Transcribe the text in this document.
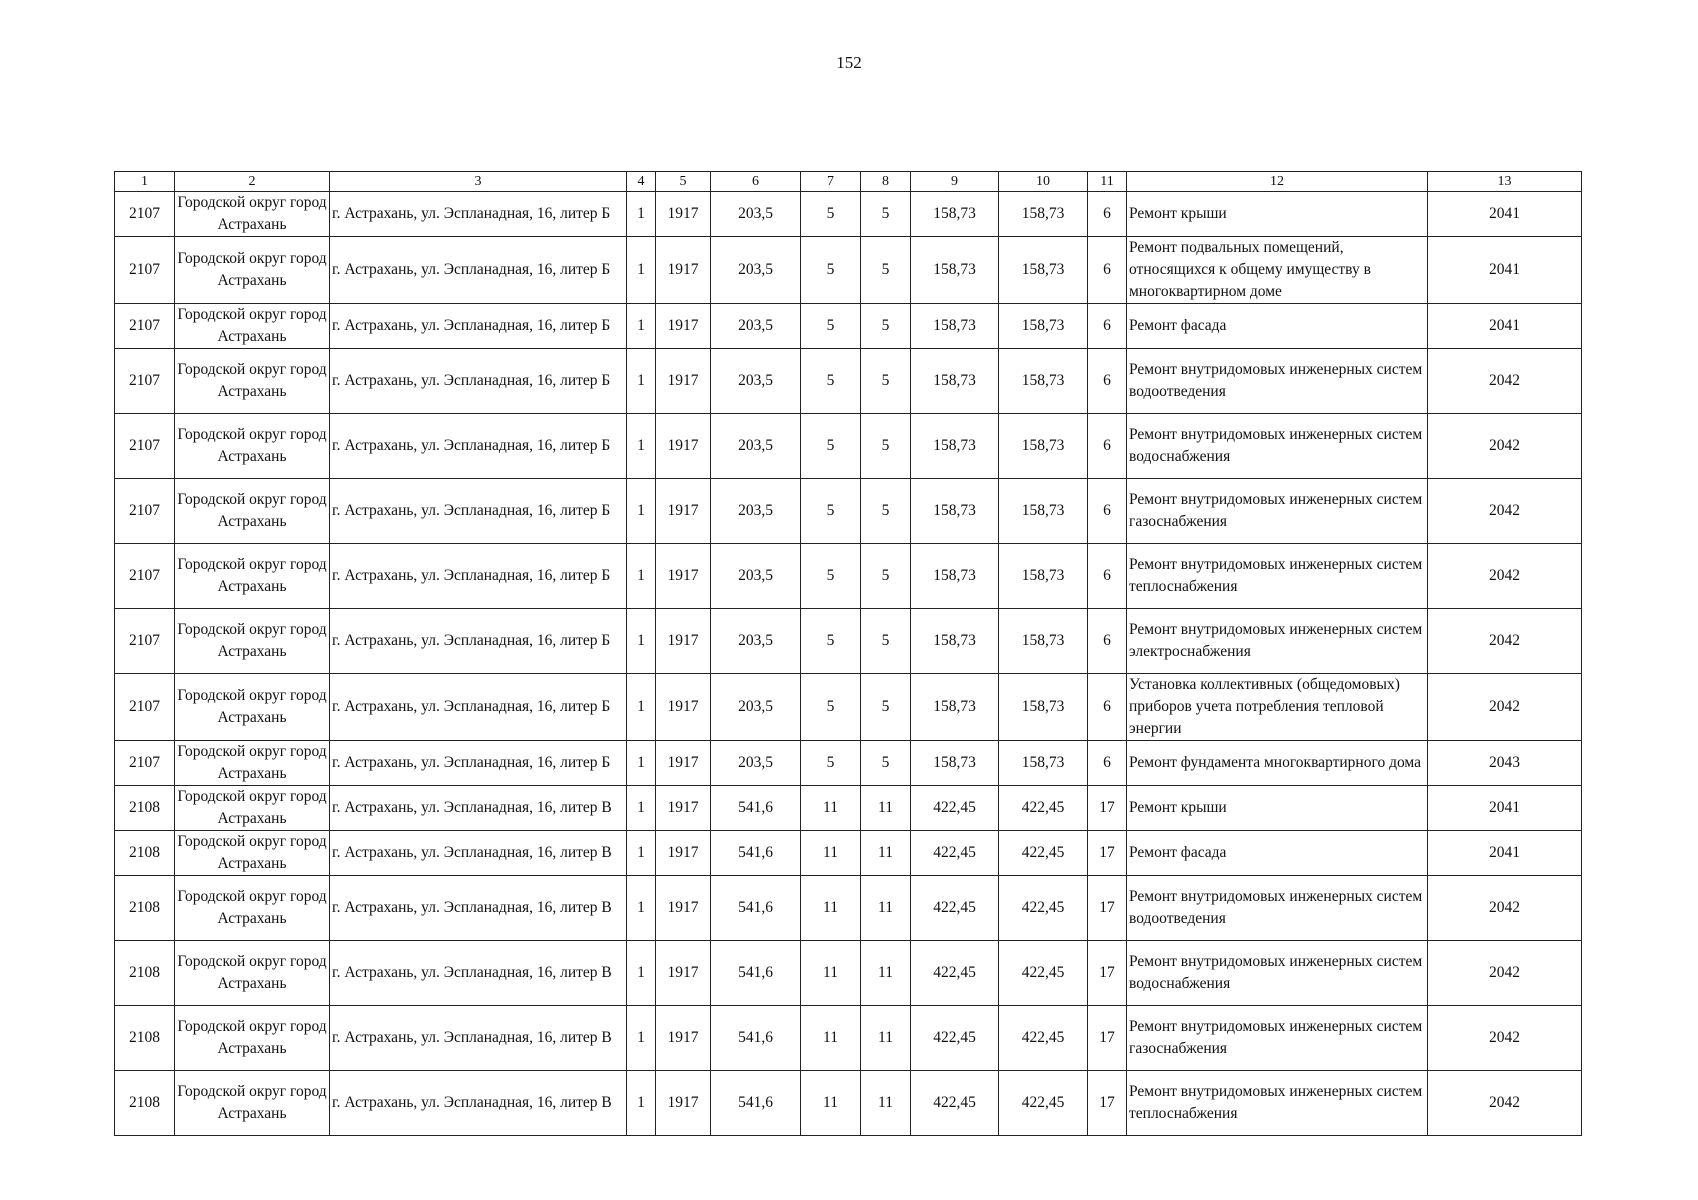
152
1	2	3	4	5	6	7	8	9	10	11	12	13
2107	Городской округ город Астрахань	г. Астрахань, ул. Эспланадная, 16, литер Б	1	1917	203,5	5	5	158,73	158,73	6	Ремонт крыши	2041
2107	Городской округ город Астрахань	г. Астрахань, ул. Эспланадная, 16, литер Б	1	1917	203,5	5	5	158,73	158,73	6	Ремонт подвальных помещений, относящихся к общему имуществу в многоквартирном доме	2041
2107	Городской округ город Астрахань	г. Астрахань, ул. Эспланадная, 16, литер Б	1	1917	203,5	5	5	158,73	158,73	6	Ремонт фасада	2041
2107	Городской округ город Астрахань	г. Астрахань, ул. Эспланадная, 16, литер Б	1	1917	203,5	5	5	158,73	158,73	6	Ремонт внутридомовых инженерных систем водоотведения	2042
2107	Городской округ город Астрахань	г. Астрахань, ул. Эспланадная, 16, литер Б	1	1917	203,5	5	5	158,73	158,73	6	Ремонт внутридомовых инженерных систем водоснабжения	2042
2107	Городской округ город Астрахань	г. Астрахань, ул. Эспланадная, 16, литер Б	1	1917	203,5	5	5	158,73	158,73	6	Ремонт внутридомовых инженерных систем газоснабжения	2042
2107	Городской округ город Астрахань	г. Астрахань, ул. Эспланадная, 16, литер Б	1	1917	203,5	5	5	158,73	158,73	6	Ремонт внутридомовых инженерных систем теплоснабжения	2042
2107	Городской округ город Астрахань	г. Астрахань, ул. Эспланадная, 16, литер Б	1	1917	203,5	5	5	158,73	158,73	6	Ремонт внутридомовых инженерных систем электроснабжения	2042
2107	Городской округ город Астрахань	г. Астрахань, ул. Эспланадная, 16, литер Б	1	1917	203,5	5	5	158,73	158,73	6	Установка коллективных (общедомовых) приборов учета потребления тепловой энергии	2042
2107	Городской округ город Астрахань	г. Астрахань, ул. Эспланадная, 16, литер Б	1	1917	203,5	5	5	158,73	158,73	6	Ремонт фундамента многоквартирного дома	2043
2108	Городской округ город Астрахань	г. Астрахань, ул. Эспланадная, 16, литер В	1	1917	541,6	11	11	422,45	422,45	17	Ремонт крыши	2041
2108	Городской округ город Астрахань	г. Астрахань, ул. Эспланадная, 16, литер В	1	1917	541,6	11	11	422,45	422,45	17	Ремонт фасада	2041
2108	Городской округ город Астрахань	г. Астрахань, ул. Эспланадная, 16, литер В	1	1917	541,6	11	11	422,45	422,45	17	Ремонт внутридомовых инженерных систем водоотведения	2042
2108	Городской округ город Астрахань	г. Астрахань, ул. Эспланадная, 16, литер В	1	1917	541,6	11	11	422,45	422,45	17	Ремонт внутридомовых инженерных систем водоснабжения	2042
2108	Городской округ город Астрахань	г. Астрахань, ул. Эспланадная, 16, литер В	1	1917	541,6	11	11	422,45	422,45	17	Ремонт внутридомовых инженерных систем газоснабжения	2042
2108	Городской округ город Астрахань	г. Астрахань, ул. Эспланадная, 16, литер В	1	1917	541,6	11	11	422,45	422,45	17	Ремонт внутридомовых инженерных систем теплоснабжения	2042
